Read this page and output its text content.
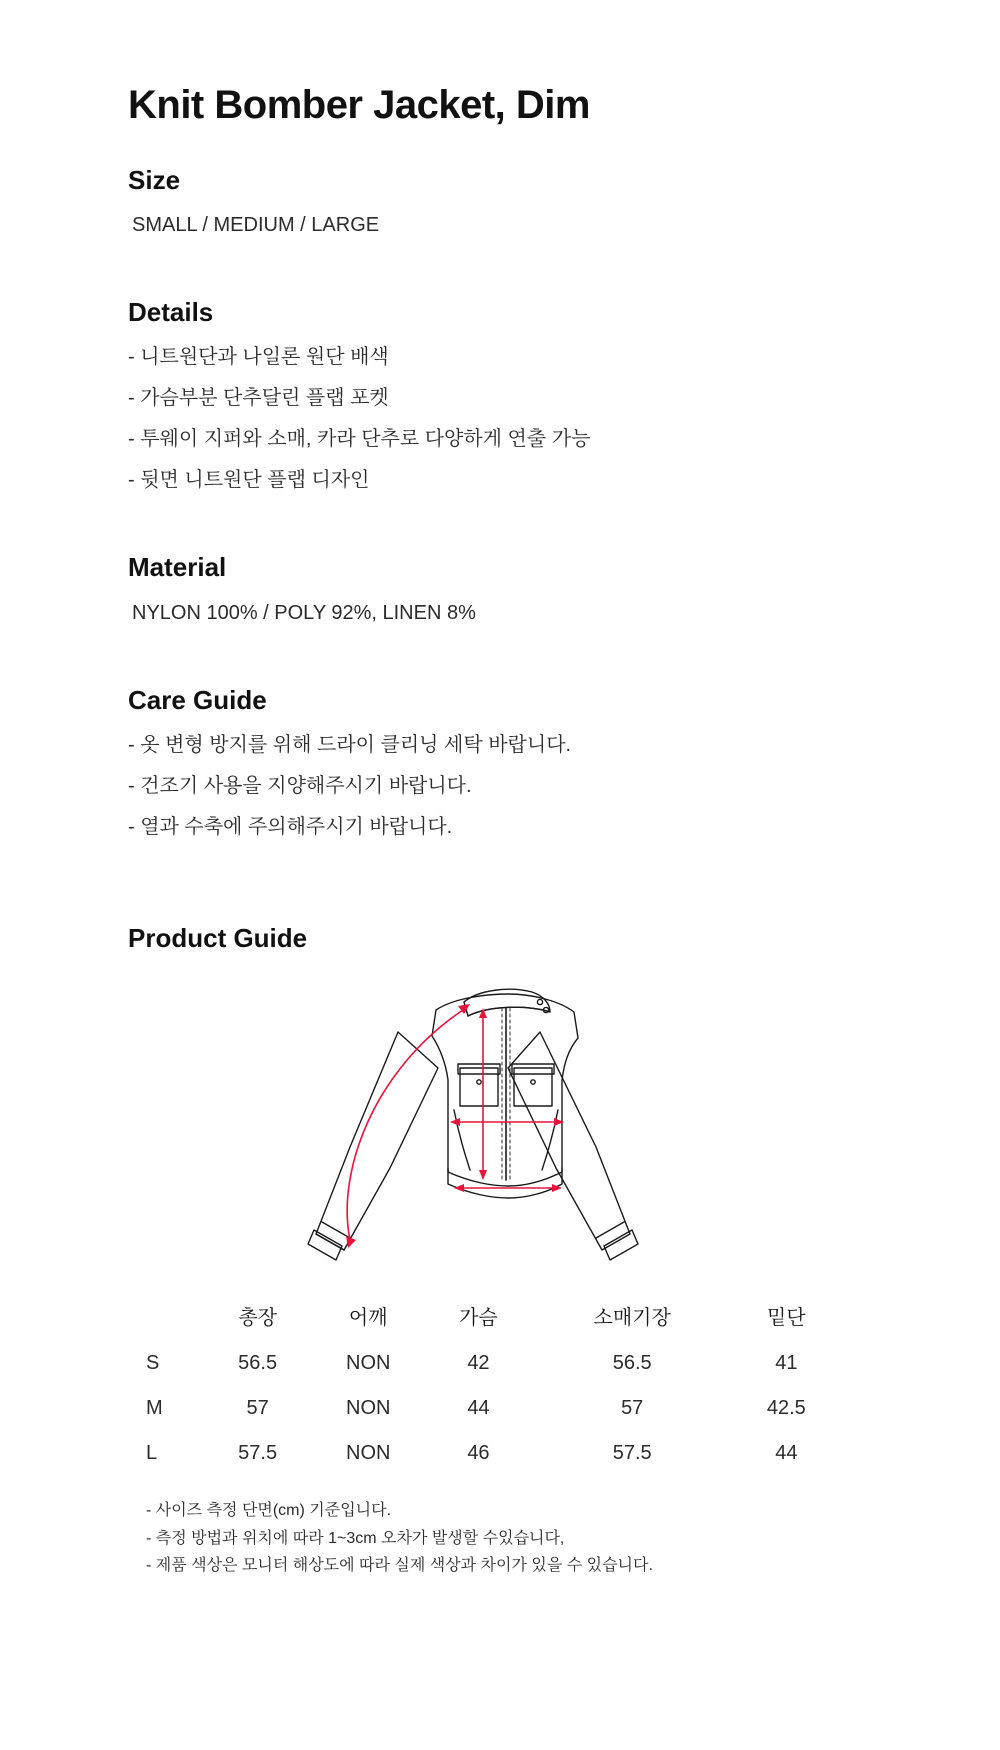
Knit Bomber Jacket, Dim
Size
SMALL / MEDIUM / LARGE
Details
- 니트원단과 나일론 원단 배색
- 가슴부분 단추달린 플랩 포켓
- 투웨이 지퍼와 소매, 카라 단추로 다양하게 연출 가능
- 뒷면 니트원단 플랩 디자인
Material
NYLON 100% / POLY 92%, LINEN 8%
Care Guide
- 옷 변형 방지를 위해 드라이 클리닝 세탁 바랍니다.
- 건조기 사용을 지양해주시기 바랍니다.
- 열과 수축에 주의해주시기 바랍니다.
Product Guide
	총장	어깨	가슴	소매기장	밑단
S	56.5	NON	42	56.5	41
M	57	NON	44	57	42.5
L	57.5	NON	46	57.5	44
- 사이즈 측정 단면(cm) 기준입니다.
- 측정 방법과 위치에 따라 1~3cm 오차가 발생할 수있습니다,
- 제품 색상은 모니터 해상도에 따라 실제 색상과 차이가 있을 수 있습니다.
